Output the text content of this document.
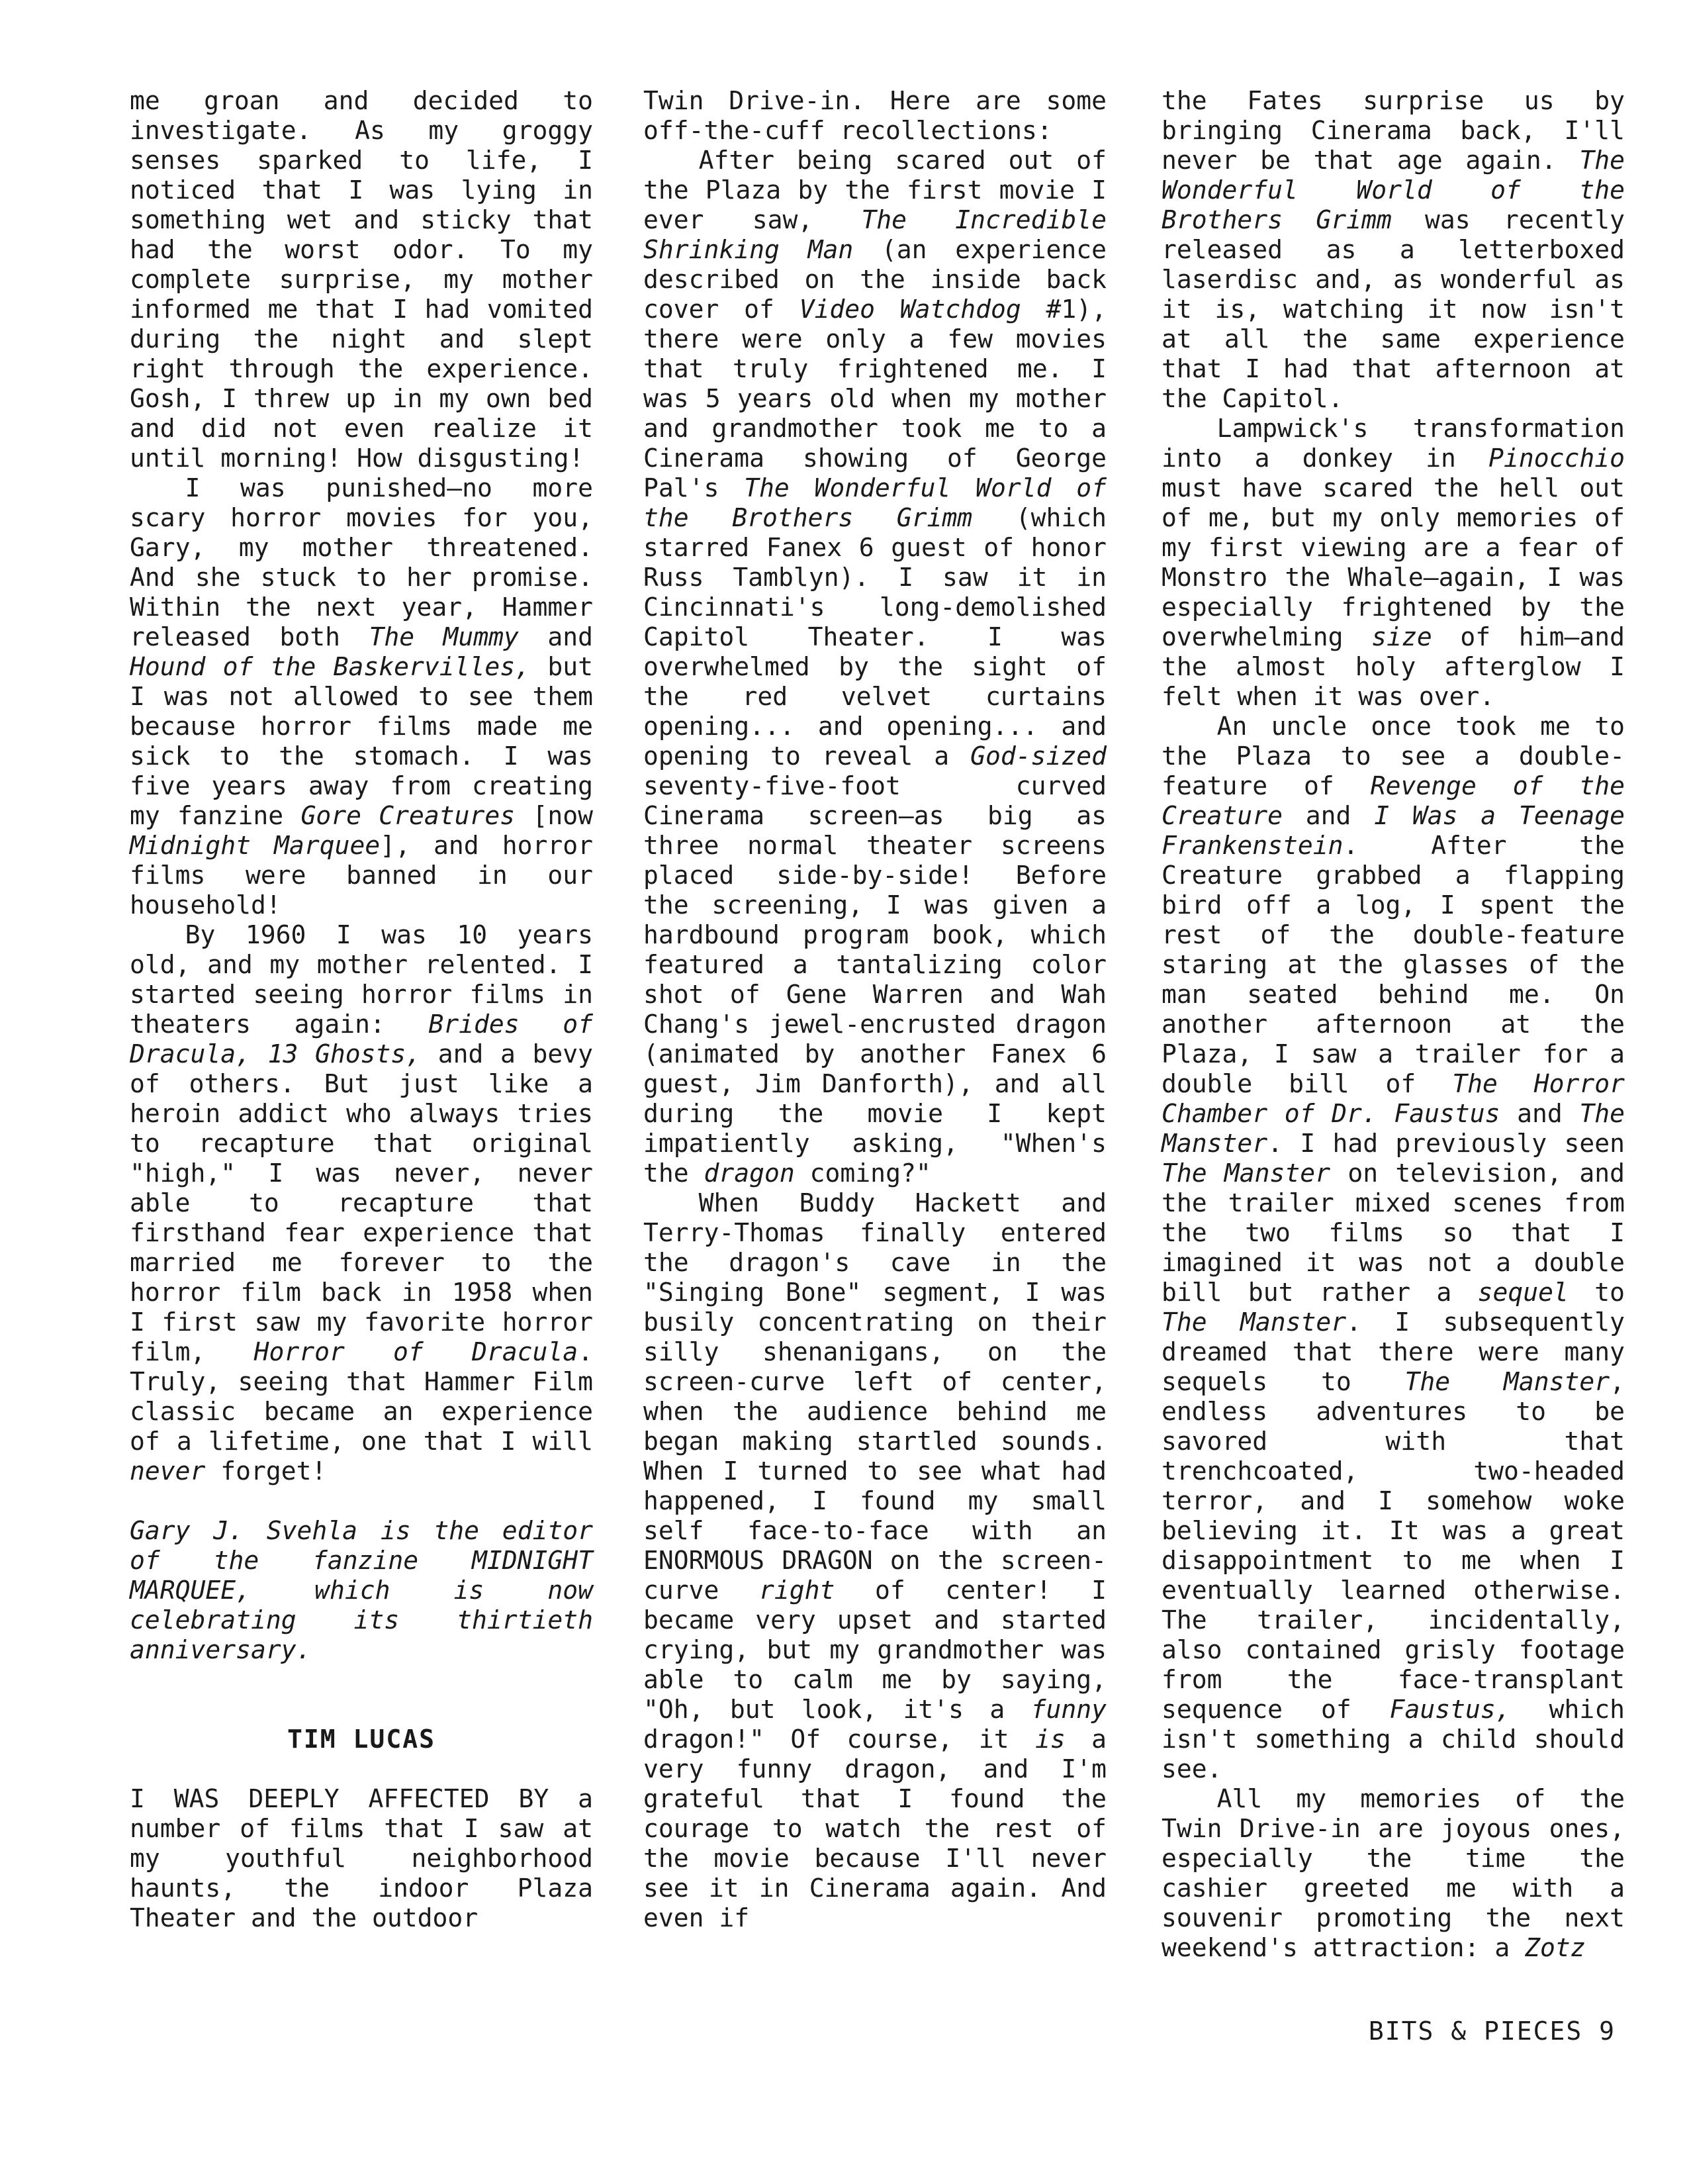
me groan and decided to investigate. As my groggy senses sparked to life, I noticed that I was lying in something wet and sticky that had the worst odor. To my complete surprise, my mother informed me that I had vomited during the night and slept right through the experience. Gosh, I threw up in my own bed and did not even realize it until morning! How disgusting!

I was punished—no more scary horror movies for you, Gary, my mother threatened. And she stuck to her promise. Within the next year, Hammer released both The Mummy and Hound of the Baskervilles, but I was not allowed to see them because horror films made me sick to the stomach. I was five years away from creating my fanzine Gore Creatures [now Midnight Marquee], and horror films were banned in our household!

By 1960 I was 10 years old, and my mother relented. I started seeing horror films in theaters again: Brides of Dracula, 13 Ghosts, and a bevy of others. But just like a heroin addict who always tries to recapture that original "high," I was never, never able to recapture that firsthand fear experience that married me forever to the horror film back in 1958 when I first saw my favorite horror film, Horror of Dracula. Truly, seeing that Hammer Film classic became an experience of a lifetime, one that I will never forget!

Gary J. Svehla is the editor of the fanzine MIDNIGHT MARQUEE, which is now celebrating its thirtieth anniversary.

TIM LUCAS

I WAS DEEPLY AFFECTED BY a number of films that I saw at my youthful neighborhood haunts, the indoor Plaza Theater and the outdoor

Twin Drive-in. Here are some off-the-cuff recollections:

After being scared out of the Plaza by the first movie I ever saw, The Incredible Shrinking Man (an experience described on the inside back cover of Video Watchdog #1), there were only a few movies that truly frightened me. I was 5 years old when my mother and grandmother took me to a Cinerama showing of George Pal's The Wonderful World of the Brothers Grimm (which starred Fanex 6 guest of honor Russ Tamblyn). I saw it in Cincinnati's long-demolished Capitol Theater. I was overwhelmed by the sight of the red velvet curtains opening... and opening... and opening to reveal a God-sized seventy-five-foot curved Cinerama screen—as big as three normal theater screens placed side-by-side! Before the screening, I was given a hardbound program book, which featured a tantalizing color shot of Gene Warren and Wah Chang's jewel-encrusted dragon (animated by another Fanex 6 guest, Jim Danforth), and all during the movie I kept impatiently asking, "When's the dragon coming?"

When Buddy Hackett and Terry-Thomas finally entered the dragon's cave in the "Singing Bone" segment, I was busily concentrating on their silly shenanigans, on the screen-curve left of center, when the audience behind me began making startled sounds. When I turned to see what had happened, I found my small self face-to-face with an ENORMOUS DRAGON on the screen-curve right of center! I became very upset and started crying, but my grandmother was able to calm me by saying, "Oh, but look, it's a funny dragon!" Of course, it is a very funny dragon, and I'm grateful that I found the courage to watch the rest of the movie because I'll never see it in Cinerama again. And even if

the Fates surprise us by bringing Cinerama back, I'll never be that age again. The Wonderful World of the Brothers Grimm was recently released as a letterboxed laserdisc and, as wonderful as it is, watching it now isn't at all the same experience that I had that afternoon at the Capitol.

Lampwick's transformation into a donkey in Pinocchio must have scared the hell out of me, but my only memories of my first viewing are a fear of Monstro the Whale—again, I was especially frightened by the overwhelming size of him—and the almost holy afterglow I felt when it was over.

An uncle once took me to the Plaza to see a double-feature of Revenge of the Creature and I Was a Teenage Frankenstein. After the Creature grabbed a flapping bird off a log, I spent the rest of the double-feature staring at the glasses of the man seated behind me. On another afternoon at the Plaza, I saw a trailer for a double bill of The Horror Chamber of Dr. Faustus and The Manster. I had previously seen The Manster on television, and the trailer mixed scenes from the two films so that I imagined it was not a double bill but rather a sequel to The Manster. I subsequently dreamed that there were many sequels to The Manster, endless adventures to be savored with that trenchcoated, two-headed terror, and I somehow woke believing it. It was a great disappointment to me when I eventually learned otherwise. The trailer, incidentally, also contained grisly footage from the face-transplant sequence of Faustus, which isn't something a child should see.

All my memories of the Twin Drive-in are joyous ones, especially the time the cashier greeted me with a souvenir promoting the next weekend's attraction: a Zotz

BITS & PIECES 9
